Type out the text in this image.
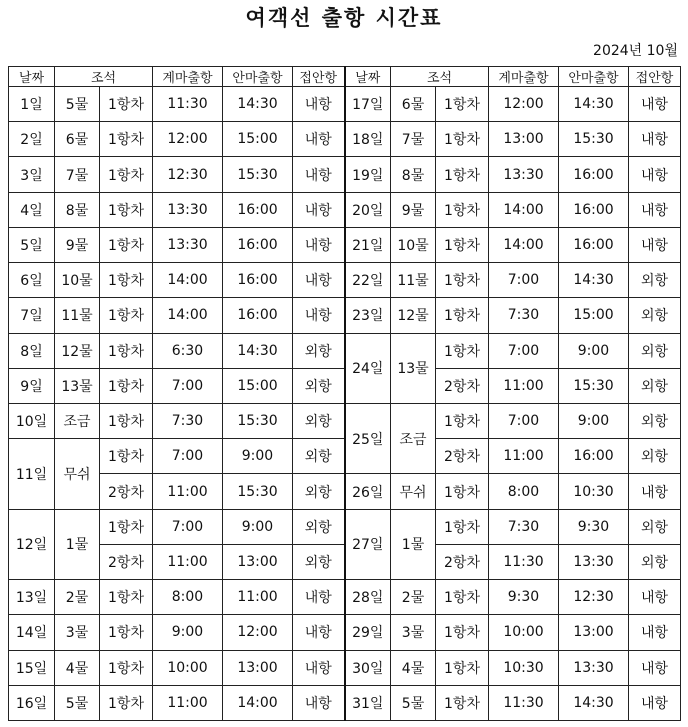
여객선 출항 시간표
2024년 10월
날짜	조석		계마출항	안마출항	접안항	날짜	조석		계마출항	안마출항	접안항
1일	5물	1항차	11:30	14:30	내항	17일	6물	1항차	12:00	14:30	내항
2일	6물	1항차	12:00	15:00	내항	18일	7물	1항차	13:00	15:30	내항
3일	7물	1항차	12:30	15:30	내항	19일	8물	1항차	13:30	16:00	내항
4일	8물	1항차	13:30	16:00	내항	20일	9물	1항차	14:00	16:00	내항
5일	9물	1항차	13:30	16:00	내항	21일	10물	1항차	14:00	16:00	내항
6일	10물	1항차	14:00	16:00	내항	22일	11물	1항차	7:00	14:30	외항
7일	11물	1항차	14:00	16:00	내항	23일	12물	1항차	7:30	15:00	외항
8일	12물	1항차	6:30	14:30	외항	24일	13물	1항차	7:00	9:00	외항
9일	13물	1항차	7:00	15:00	외항			2항차	11:00	15:30	외항
10일	조금	1항차	7:30	15:30	외항	25일	조금	1항차	7:00	9:00	외항
11일	무쉬	1항차	7:00	9:00	외항			2항차	11:00	16:00	외항
		2항차	11:00	15:30	외항	26일	무쉬	1항차	8:00	10:30	내항
12일	1물	1항차	7:00	9:00	외항	27일	1물	1항차	7:30	9:30	외항
		2항차	11:00	13:00	외항			2항차	11:30	13:30	외항
13일	2물	1항차	8:00	11:00	내항	28일	2물	1항차	9:30	12:30	내항
14일	3물	1항차	9:00	12:00	내항	29일	3물	1항차	10:00	13:00	내항
15일	4물	1항차	10:00	13:00	내항	30일	4물	1항차	10:30	13:30	내항
16일	5물	1항차	11:00	14:00	내항	31일	5물	1항차	11:30	14:30	내항
